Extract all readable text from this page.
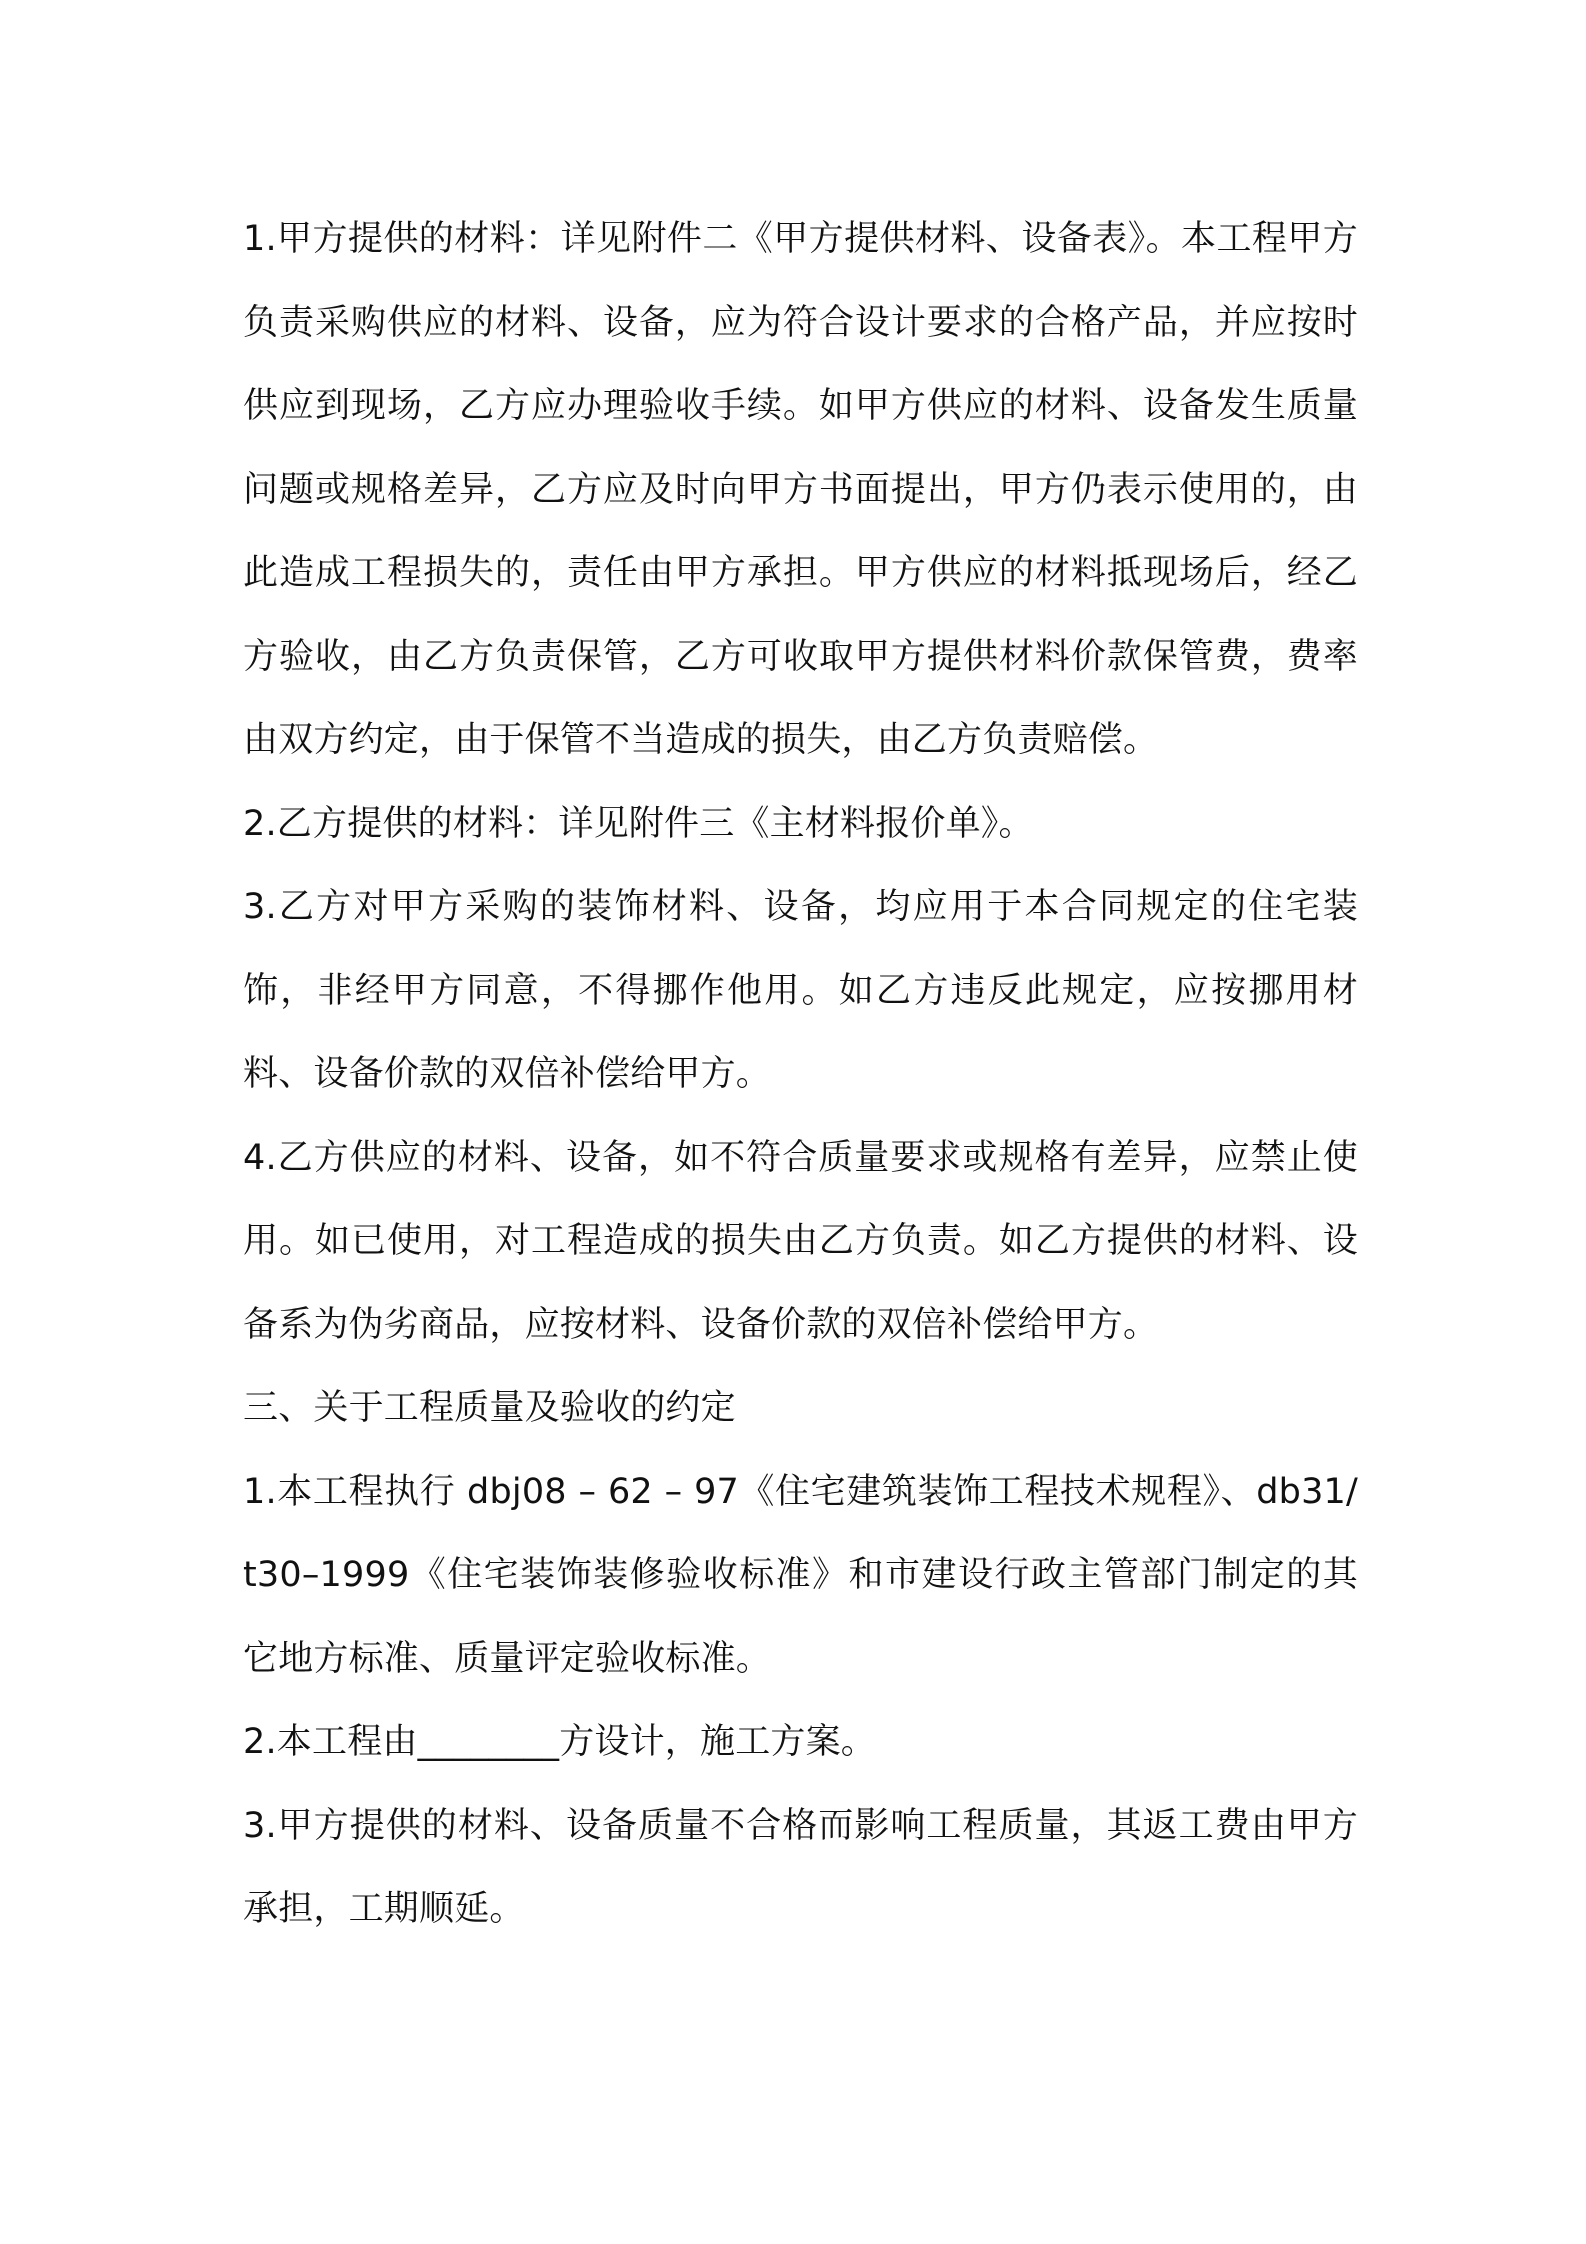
1.甲方提供的材料：详见附件二《甲方提供材料、设备表》。本工程甲方负责采购供应的材料、设备，应为符合设计要求的合格产品，并应按时供应到现场，乙方应办理验收手续。如甲方供应的材料、设备发生质量问题或规格差异，乙方应及时向甲方书面提出，甲方仍表示使用的，由此造成工程损失的，责任由甲方承担。甲方供应的材料抵现场后，经乙方验收，由乙方负责保管，乙方可收取甲方提供材料价款保管费，费率由双方约定，由于保管不当造成的损失，由乙方负责赔偿。

2.乙方提供的材料：详见附件三《主材料报价单》。

3.乙方对甲方采购的装饰材料、设备，均应用于本合同规定的住宅装饰，非经甲方同意，不得挪作他用。如乙方违反此规定，应按挪用材料、设备价款的双倍补偿给甲方。

4.乙方供应的材料、设备，如不符合质量要求或规格有差异，应禁止使用。如已使用，对工程造成的损失由乙方负责。如乙方提供的材料、设备系为伪劣商品，应按材料、设备价款的双倍补偿给甲方。

三、关于工程质量及验收的约定

1.本工程执行 dbj08 – 62 – 97《住宅建筑装饰工程技术规程》、db31/t30–1999《住宅装饰装修验收标准》和市建设行政主管部门制定的其它地方标准、质量评定验收标准。

2.本工程由________方设计，施工方案。

3.甲方提供的材料、设备质量不合格而影响工程质量，其返工费由甲方承担，工期顺延。
